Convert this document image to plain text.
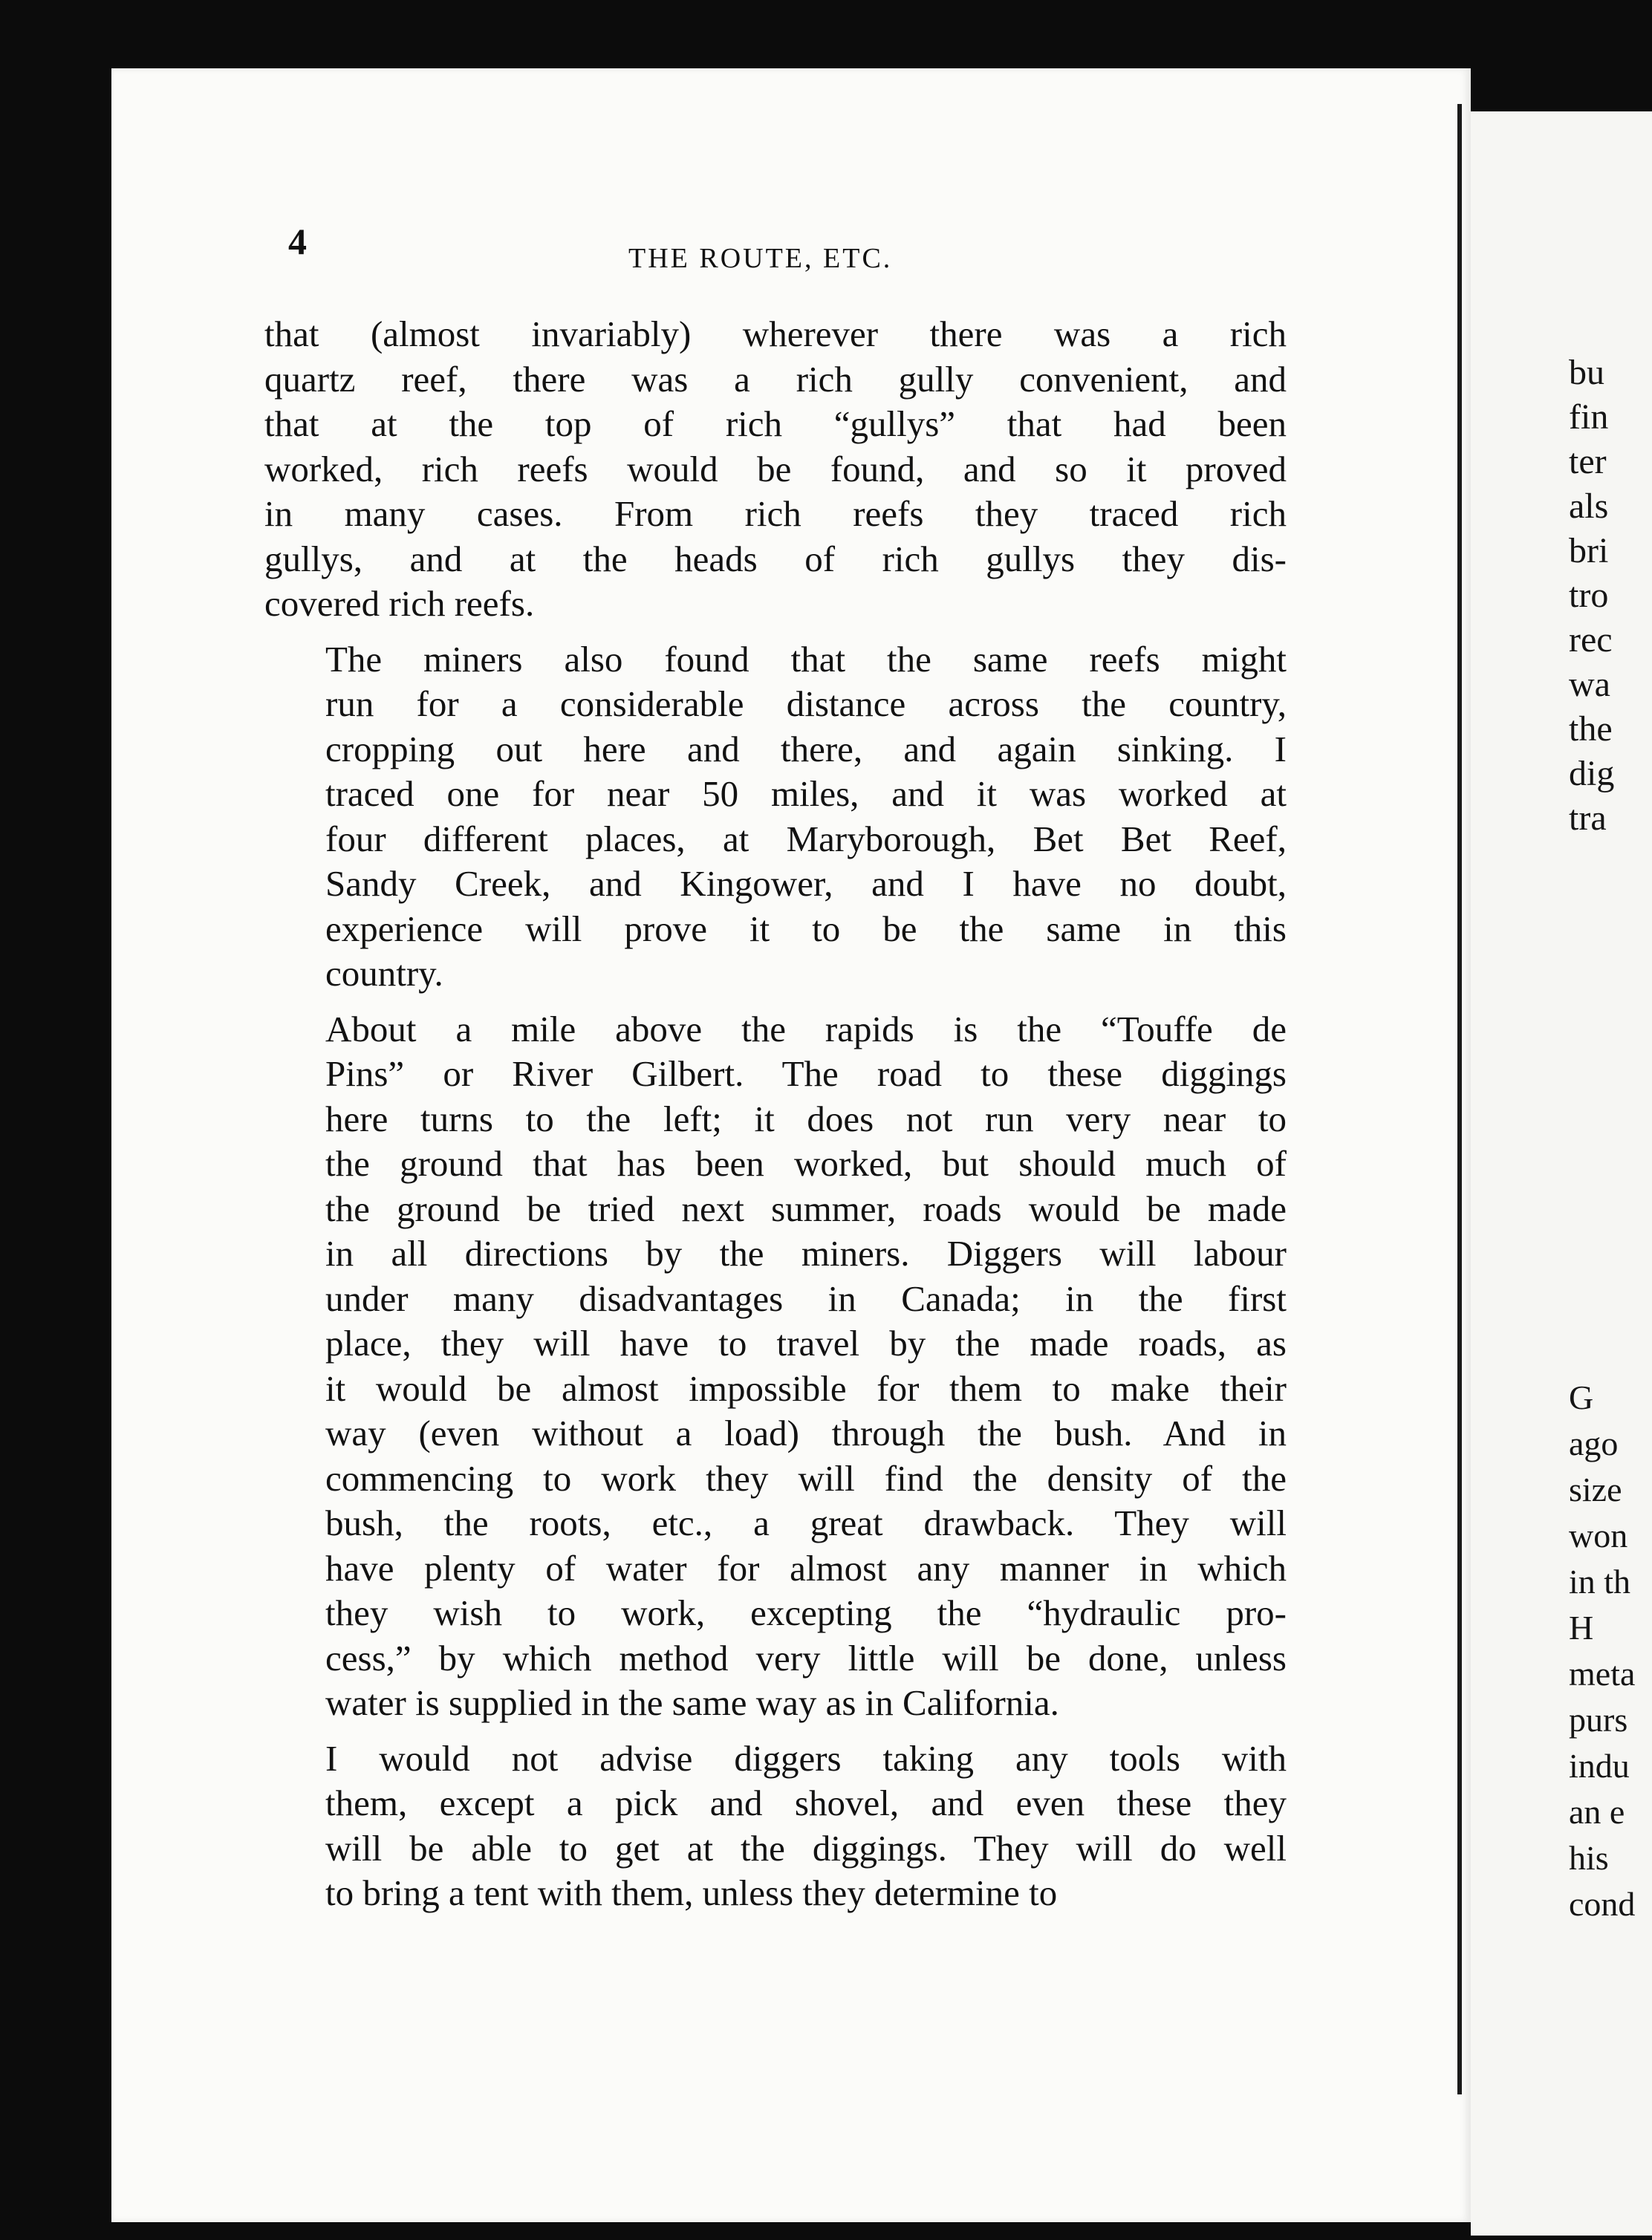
4	THE ROUTE, ETC.

that (almost invariably) wherever there was a rich
quartz reef, there was a rich gully convenient, and
that at the top of rich “gullys” that had been
worked, rich reefs would be found, and so it proved
in many cases. From rich reefs they traced rich
gullys, and at the heads of rich gullys they dis-
covered rich reefs.

The miners also found that the same reefs might
run for a considerable distance across the country,
cropping out here and there, and again sinking. I
traced one for near 50 miles, and it was worked at
four different places, at Maryborough, Bet Bet Reef,
Sandy Creek, and Kingower, and I have no doubt,
experience will prove it to be the same in this
country.

About a mile above the rapids is the “Touffe de
Pins” or River Gilbert. The road to these diggings
here turns to the left; it does not run very near to
the ground that has been worked, but should much of
the ground be tried next summer, roads would be made
in all directions by the miners. Diggers will labour
under many disadvantages in Canada; in the first
place, they will have to travel by the made roads, as
it would be almost impossible for them to make their
way (even without a load) through the bush. And in
commencing to work they will find the density of the
bush, the roots, etc., a great drawback. They will
have plenty of water for almost any manner in which
they wish to work, excepting the “hydraulic pro-
cess,” by which method very little will be done, unless
water is supplied in the same way as in California.

I would not advise diggers taking any tools with
them, except a pick and shovel, and even these they
will be able to get at the diggings. They will do well
to bring a tent with them, unless they determine to

bu
fin
ter
als
bri
tro
rec
wa
the
dig
tra
G
ago
size
won
in th
H
meta
purs
indu
an e
his
cond
